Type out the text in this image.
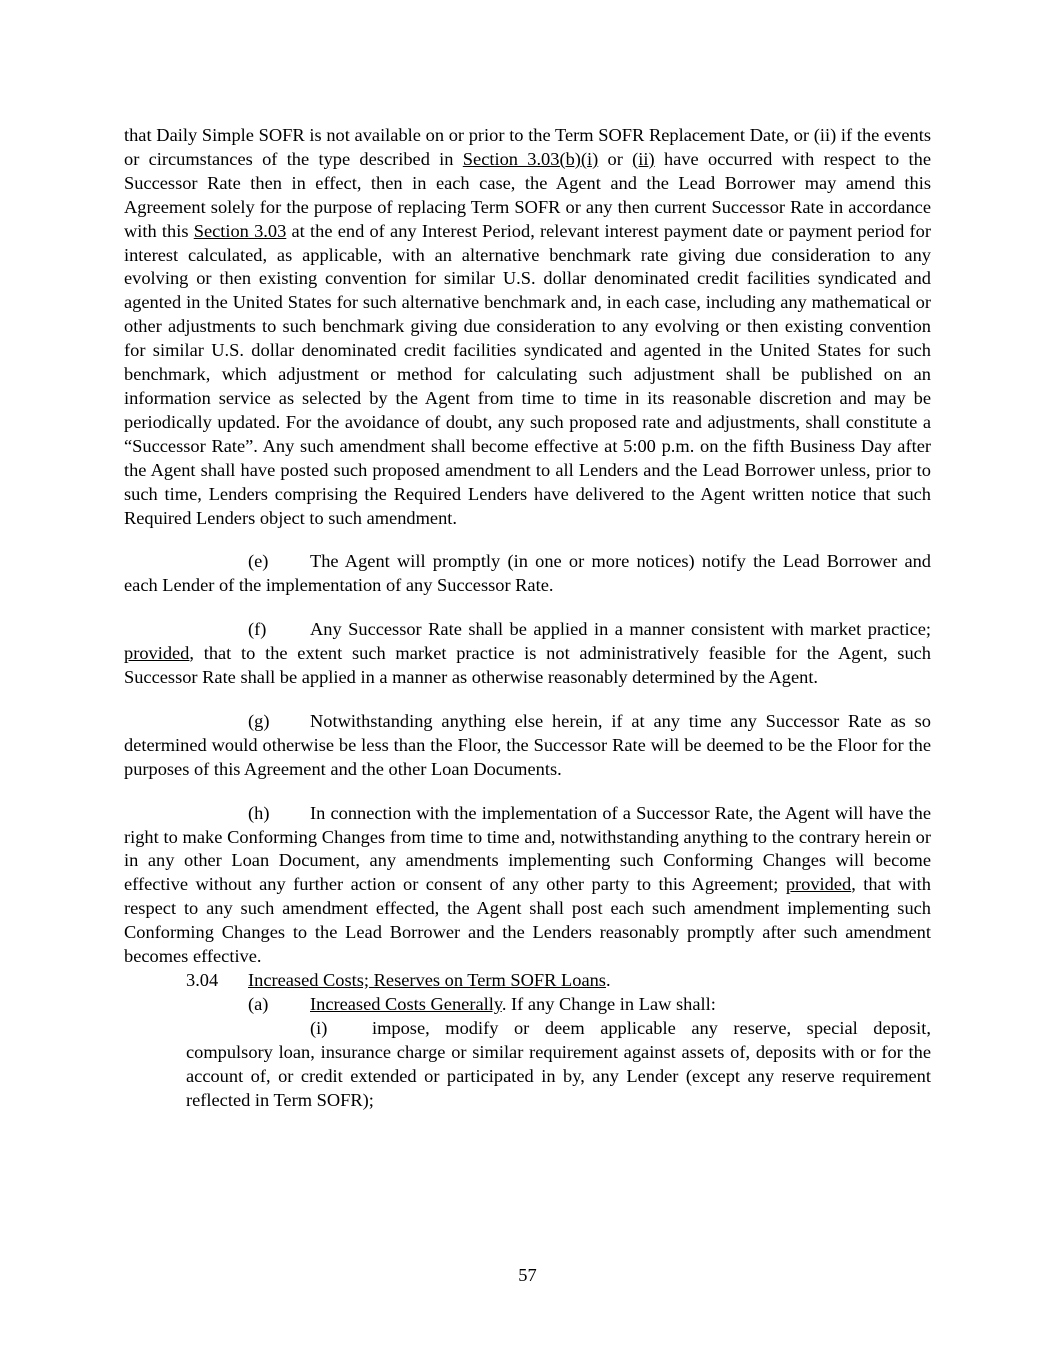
that Daily Simple SOFR is not available on or prior to the Term SOFR Replacement Date, or (ii) if the events or circumstances of the type described in Section 3.03(b)(i) or (ii) have occurred with respect to the Successor Rate then in effect, then in each case, the Agent and the Lead Borrower may amend this Agreement solely for the purpose of replacing Term SOFR or any then current Successor Rate in accordance with this Section 3.03 at the end of any Interest Period, relevant interest payment date or payment period for interest calculated, as applicable, with an alternative benchmark rate giving due consideration to any evolving or then existing convention for similar U.S. dollar denominated credit facilities syndicated and agented in the United States for such alternative benchmark and, in each case, including any mathematical or other adjustments to such benchmark giving due consideration to any evolving or then existing convention for similar U.S. dollar denominated credit facilities syndicated and agented in the United States for such benchmark, which adjustment or method for calculating such adjustment shall be published on an information service as selected by the Agent from time to time in its reasonable discretion and may be periodically updated. For the avoidance of doubt, any such proposed rate and adjustments, shall constitute a “Successor Rate”. Any such amendment shall become effective at 5:00 p.m. on the fifth Business Day after the Agent shall have posted such proposed amendment to all Lenders and the Lead Borrower unless, prior to such time, Lenders comprising the Required Lenders have delivered to the Agent written notice that such Required Lenders object to such amendment.

(e) The Agent will promptly (in one or more notices) notify the Lead Borrower and each Lender of the implementation of any Successor Rate.

(f) Any Successor Rate shall be applied in a manner consistent with market practice; provided, that to the extent such market practice is not administratively feasible for the Agent, such Successor Rate shall be applied in a manner as otherwise reasonably determined by the Agent.

(g) Notwithstanding anything else herein, if at any time any Successor Rate as so determined would otherwise be less than the Floor, the Successor Rate will be deemed to be the Floor for the purposes of this Agreement and the other Loan Documents.

(h) In connection with the implementation of a Successor Rate, the Agent will have the right to make Conforming Changes from time to time and, notwithstanding anything to the contrary herein or in any other Loan Document, any amendments implementing such Conforming Changes will become effective without any further action or consent of any other party to this Agreement; provided, that with respect to any such amendment effected, the Agent shall post each such amendment implementing such Conforming Changes to the Lead Borrower and the Lenders reasonably promptly after such amendment becomes effective.

3.04 Increased Costs; Reserves on Term SOFR Loans.

(a) Increased Costs Generally. If any Change in Law shall:

(i) impose, modify or deem applicable any reserve, special deposit, compulsory loan, insurance charge or similar requirement against assets of, deposits with or for the account of, or credit extended or participated in by, any Lender (except any reserve requirement reflected in Term SOFR);

57
